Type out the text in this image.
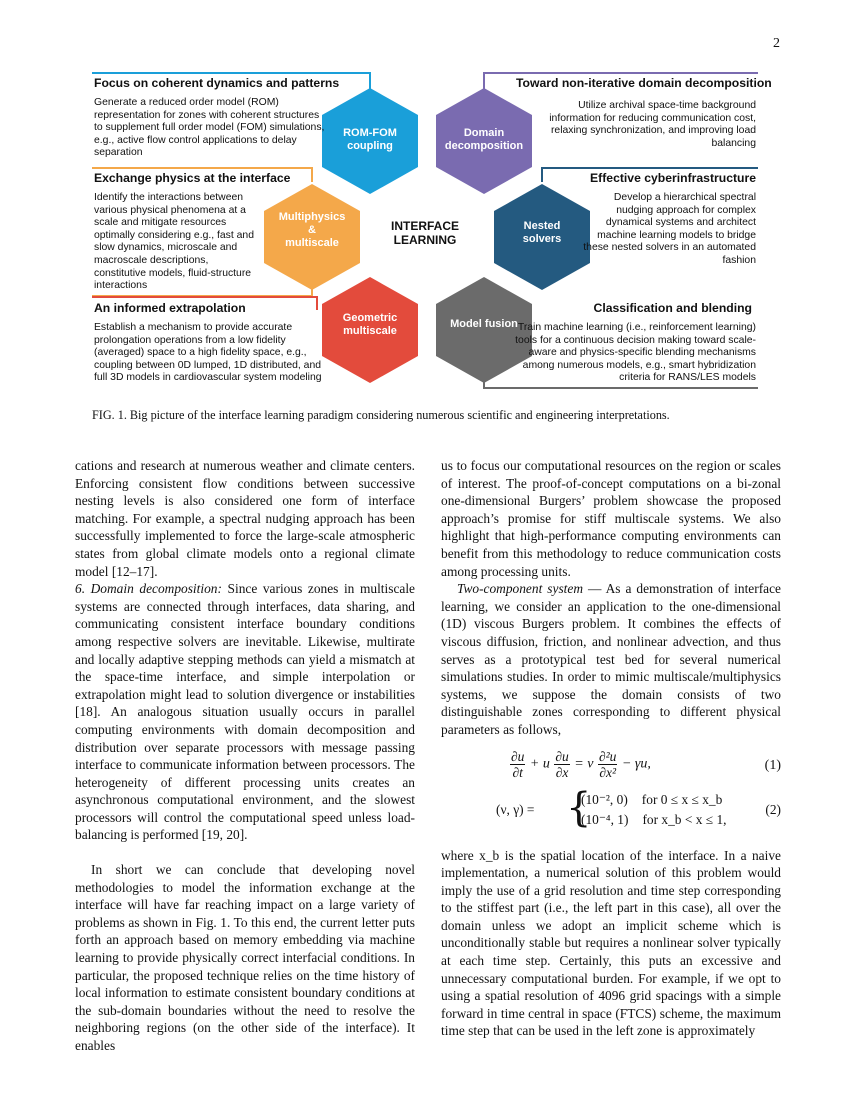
2
ROM-FOM
coupling
Multiphysics
&
multiscale
Geometric
multiscale
Domain
decomposition
Nested
solvers
Model fusion
INTERFACE
LEARNING
Focus on coherent dynamics and patterns
Generate a reduced order model (ROM) representation for zones with coherent structures to supplement full order model (FOM) simulations, e.g., active flow control applications to delay separation
Exchange physics at the interface
Identify the interactions between various physical phenomena at a scale and mitigate resources optimally considering e.g., fast and slow dynamics, microscale and macroscale descriptions, constitutive models, fluid-structure interactions
An informed extrapolation
Establish a mechanism to provide accurate prolongation operations from a low fidelity (averaged) space to a high fidelity space, e.g., coupling between 0D lumped, 1D distributed, and full 3D models in cardiovascular system modeling
Toward non-iterative domain decomposition
Utilize archival space-time background information for reducing communication cost, relaxing synchronization, and improving load balancing
Effective cyberinfrastructure
Develop a hierarchical spectral nudging approach for complex dynamical systems and architect machine learning models to bridge these nested solvers in an automated fashion
Classification and blending
Train machine learning (i.e., reinforcement learning) tools for a continuous decision making toward scale-aware and physics-specific blending mechanisms among numerous models, e.g., smart hybridization criteria for RANS/LES models
FIG. 1. Big picture of the interface learning paradigm considering numerous scientific and engineering interpretations.

cations and research at numerous weather and climate centers. Enforcing consistent flow conditions between successive nesting levels is also considered one form of interface matching. For example, a spectral nudging approach has been successfully implemented to force the large-scale atmospheric states from global climate models onto a regional climate model [12–17].

6. Domain decomposition: Since various zones in multiscale systems are connected through interfaces, data sharing, and communicating consistent interface boundary conditions among respective solvers are inevitable. Likewise, multirate and locally adaptive stepping methods can yield a mismatch at the space-time interface, and simple interpolation or extrapolation might lead to solution divergence or instabilities [18]. An analogous situation usually occurs in parallel computing environments with domain decomposition and distribution over separate processors with message passing interface to communicate information between processors. The heterogeneity of different processing units creates an asynchronous computational environment, and the slowest processors will control the computational speed unless load-balancing is performed [19, 20].

In short we can conclude that developing novel methodologies to model the information exchange at the interface will have far reaching impact on a large variety of problems as shown in Fig. 1. To this end, the current letter puts forth an approach based on memory embedding via machine learning to provide physically correct interfacial conditions. In particular, the proposed technique relies on the time history of local information to estimate consistent boundary conditions at the sub-domain boundaries without the need to resolve the neighboring regions (on the other side of the interface). It enables

us to focus our computational resources on the region or scales of interest. The proof-of-concept computations on a bi-zonal one-dimensional Burgers’ problem showcase the proposed approach’s promise for stiff multiscale systems. We also highlight that high-performance computing environments can benefit from this methodology to reduce communication costs among processing units.

Two-component system — As a demonstration of interface learning, we consider an application to the one-dimensional (1D) viscous Burgers problem. It combines the effects of viscous diffusion, friction, and nonlinear advection, and thus serves as a prototypical test bed for several numerical simulations studies. In order to mimic multiscale/multiphysics systems, we suppose the domain consists of two distinguishable zones corresponding to different physical parameters as follows,

$\frac{\partial u}{\partial t} + u \frac{\partial u}{\partial x} = \nu \frac{\text{∂²u}}{\text{∂x²}} - \gamma u$,	(1)
(ν, γ) = {
(10⁻², 0) for 0 ≤ x ≤ x_b
(10⁻⁴, 1) for x_b < x ≤ 1,
(2)

where x_b is the spatial location of the interface. In a naive implementation, a numerical solution of this problem would imply the use of a grid resolution and time step corresponding to the stiffest part (i.e., the left part in this case), all over the domain unless we adopt an implicit scheme which is unconditionally stable but requires a nonlinear solver typically at each time step. Certainly, this puts an excessive and unnecessary computational burden. For example, if we opt to using a spatial resolution of 4096 grid spacings with a simple forward in time central in space (FTCS) scheme, the maximum time step that can be used in the left zone is approximately
